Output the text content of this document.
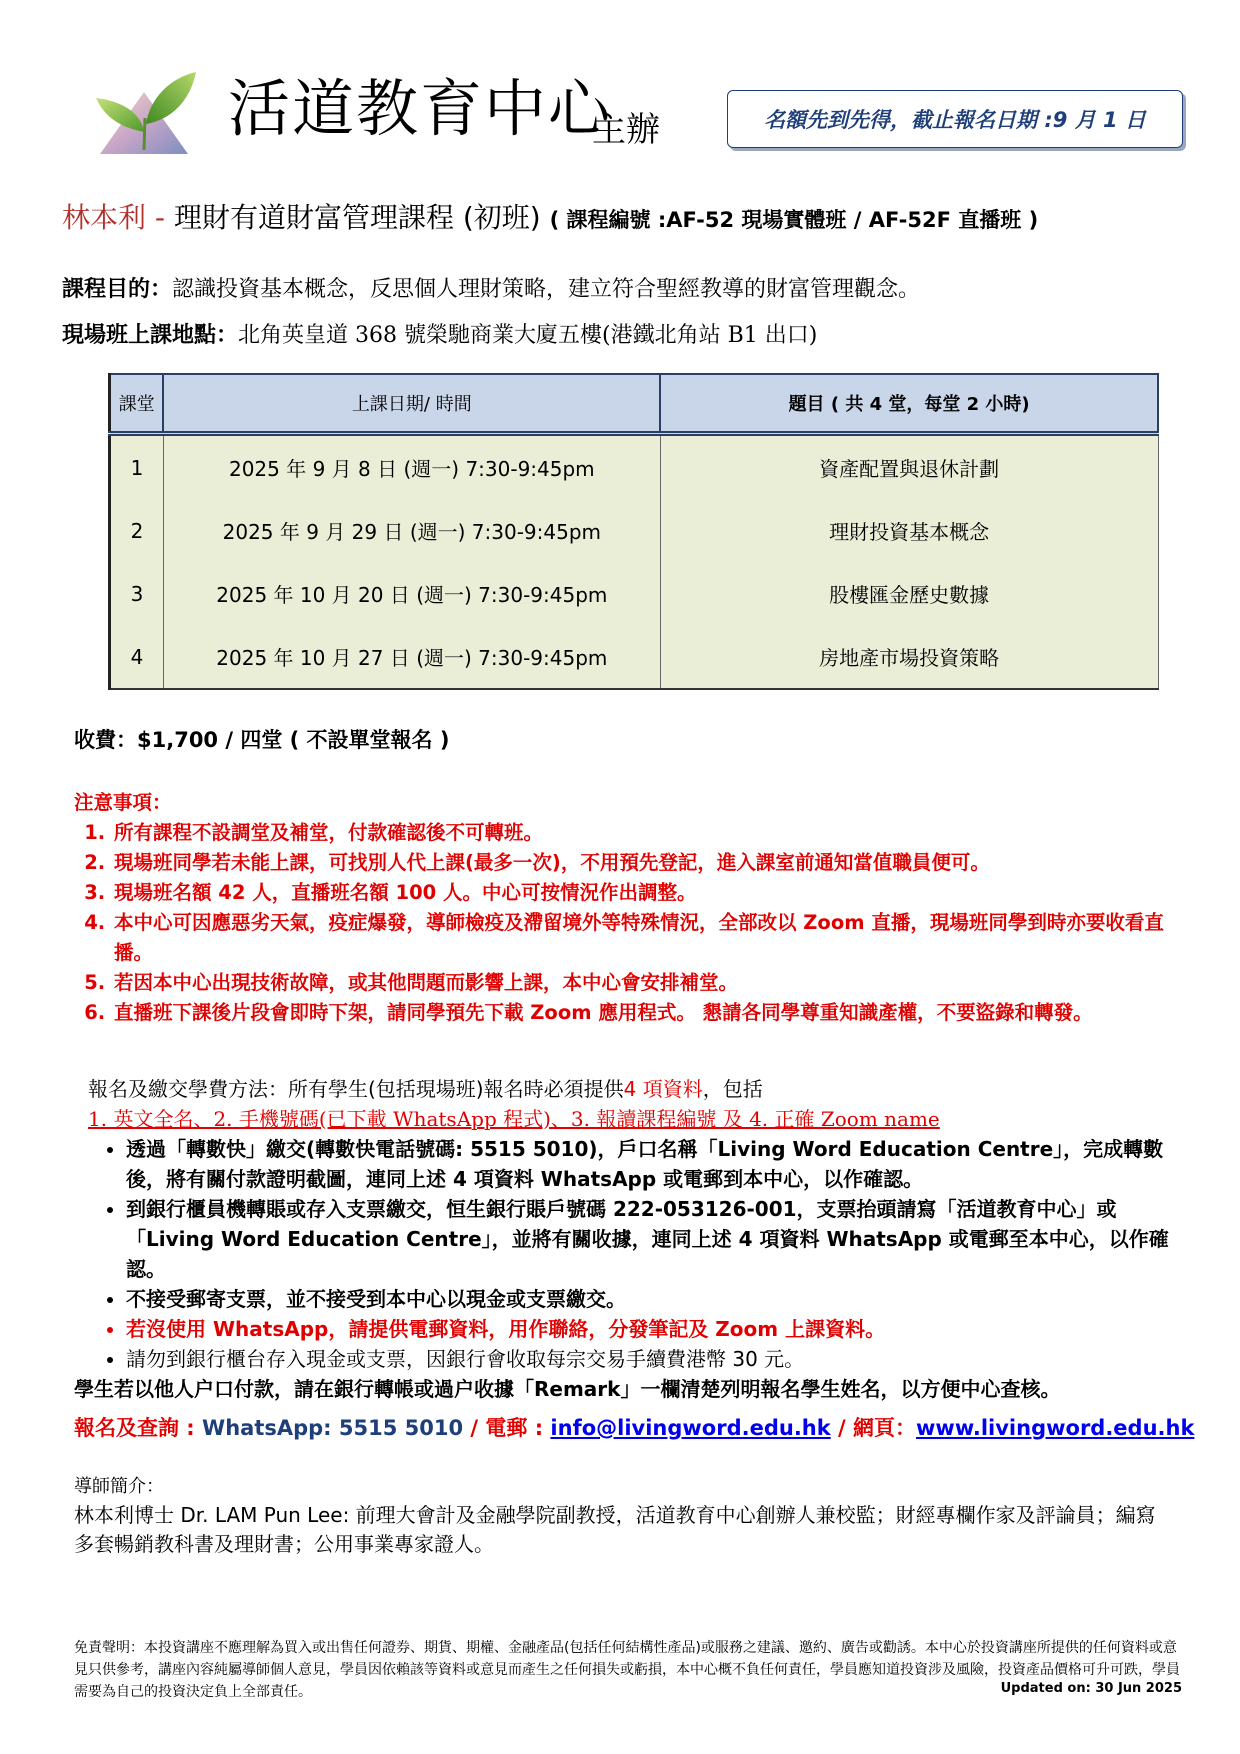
活道教育中心
主辦	名額先到先得，截止報名日期 :9 月 1 日
林本利 - 理財有道財富管理課程 (初班) ( 課程編號 :AF-52 現場實體班 / AF-52F 直播班 )
課程目的：認識投資基本概念，反思個人理財策略，建立符合聖經教導的財富管理觀念。
現場班上課地點：北角英皇道 368 號榮馳商業大廈五樓(港鐵北角站 B1 出口)
課堂	上課日期/ 時間	題目 ( 共 4 堂，每堂 2 小時)
1	2025 年 9 月 8 日 (週一) 7:30-9:45pm	資產配置與退休計劃
2	2025 年 9 月 29 日 (週一) 7:30-9:45pm	理財投資基本概念
3	2025 年 10 月 20 日 (週一) 7:30-9:45pm	股樓匯金歷史數據
4	2025 年 10 月 27 日 (週一) 7:30-9:45pm	房地產市場投資策略
收費：$1,700 / 四堂 ( 不設單堂報名 )
注意事項：
1. 所有課程不設調堂及補堂，付款確認後不可轉班。
2. 現場班同學若未能上課，可找別人代上課(最多一次)，不用預先登記，進入課室前通知當值職員便可。
3. 現場班名額 42 人，直播班名額 100 人。中心可按情況作出調整。
4. 本中心可因應惡劣天氣，疫症爆發，導師檢疫及滯留境外等特殊情況，全部改以 Zoom 直播，現場班同學到時亦要收看直播。
5. 若因本中心出現技術故障，或其他問題而影響上課，本中心會安排補堂。
6. 直播班下課後片段會即時下架，請同學預先下載 Zoom 應用程式。 懇請各同學尊重知識產權，不要盜錄和轉發。
報名及繳交學費方法：所有學生(包括現場班)報名時必須提供4 項資料，包括
1. 英文全名、2. 手機號碼(已下載 WhatsApp 程式)、3. 報讀課程編號 及 4. 正確 Zoom name
• 透過「轉數快」繳交(轉數快電話號碼: 5515 5010)，戶口名稱「Living Word Education Centre」，完成轉數後，將有關付款證明截圖，連同上述 4 項資料 WhatsApp 或電郵到本中心，以作確認。
• 到銀行櫃員機轉賬或存入支票繳交，恒生銀行賬戶號碼 222-053126-001，支票抬頭請寫「活道教育中心」或「Living Word Education Centre」，並將有關收據，連同上述 4 項資料 WhatsApp 或電郵至本中心，以作確認。
• 不接受郵寄支票，並不接受到本中心以現金或支票繳交。
• 若沒使用 WhatsApp，請提供電郵資料，用作聯絡，分發筆記及 Zoom 上課資料。
• 請勿到銀行櫃台存入現金或支票，因銀行會收取每宗交易手續費港幣 30 元。
學生若以他人户口付款，請在銀行轉帳或過户收據「Remark」一欄清楚列明報名學生姓名，以方便中心查核。
報名及查詢 : WhatsApp: 5515 5010 / 電郵 : info@livingword.edu.hk / 網頁：www.livingword.edu.hk
導師簡介：
林本利博士 Dr. LAM Pun Lee: 前理大會計及金融學院副教授，活道教育中心創辦人兼校監；財經專欄作家及評論員；編寫多套暢銷教科書及理財書；公用事業專家證人。
免責聲明：本投資講座不應理解為買入或出售任何證券、期貨、期權、金融產品(包括任何結構性產品)或服務之建議、邀約、廣告或勸誘。本中心於投資講座所提供的任何資料或意見只供參考，講座內容純屬導師個人意見，學員因依賴該等資料或意見而產生之任何損失或虧損，本中心概不負任何責任，學員應知道投資涉及風險，投資產品價格可升可跌，學員需要為自己的投資決定負上全部責任。	Updated on: 30 Jun 2025
